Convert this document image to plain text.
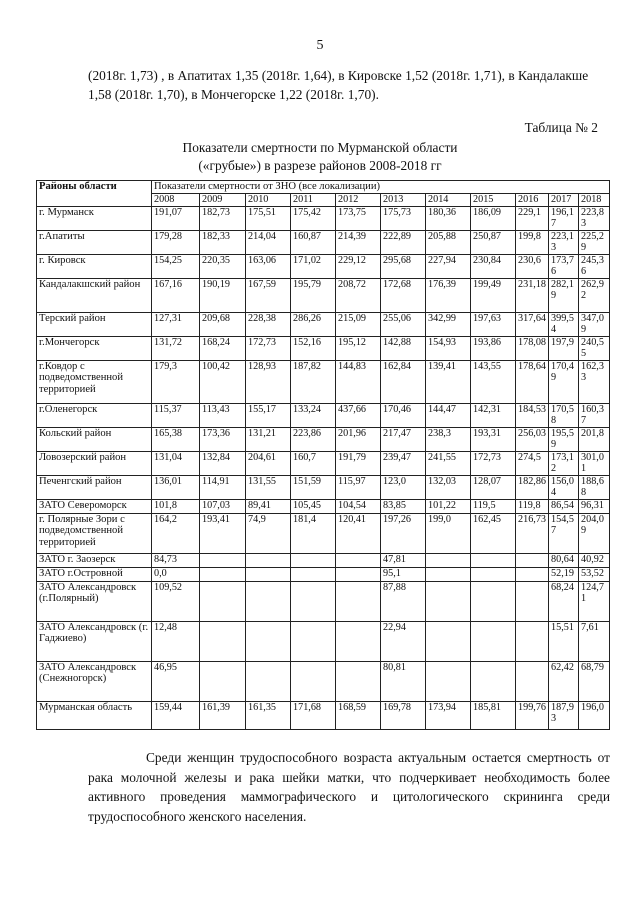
5

(2018г. 1,73) , в Апатитах 1,35 (2018г. 1,64), в Кировске 1,52 (2018г. 1,71), в Кандалакше 1,58 (2018г. 1,70), в Мончегорске 1,22 (2018г. 1,70).

Таблица № 2
Показатели смертности по Мурманской области
(«грубые») в разрезе районов 2008-2018 гг
Районы области	Показатели смертности от ЗНО (все локализации)										
	2008	2009	2010	2011	2012	2013	2014	2015	2016	2017	2018
г. Мурманск	191,07	182,73	175,51	175,42	173,75	175,73	180,36	186,09	229,1	196,17	223,83
г.Апатиты	179,28	182,33	214,04	160,87	214,39	222,89	205,88	250,87	199,8	223,13	225,29
г. Кировск	154,25	220,35	163,06	171,02	229,12	295,68	227,94	230,84	230,6	173,76	245,36
Кандалакшский район	167,16	190,19	167,59	195,79	208,72	172,68	176,39	199,49	231,18	282,19	262,92
Терский район	127,31	209,68	228,38	286,26	215,09	255,06	342,99	197,63	317,64	399,54	347,09
г.Мончегорск	131,72	168,24	172,73	152,16	195,12	142,88	154,93	193,86	178,08	197,9	240,55
г.Ковдор с подведомственной территорией	179,3	100,42	128,93	187,82	144,83	162,84	139,41	143,55	178,64	170,49	162,33
г.Оленегорск	115,37	113,43	155,17	133,24	437,66	170,46	144,47	142,31	184,53	170,58	160,37
Кольский район	165,38	173,36	131,21	223,86	201,96	217,47	238,3	193,31	256,03	195,59	201,8
Ловозерский район	131,04	132,84	204,61	160,7	191,79	239,47	241,55	172,73	274,5	173,12	301,01
Печенгский район	136,01	114,91	131,55	151,59	115,97	123,0	132,03	128,07	182,86	156,04	188,68
ЗАТО Североморск	101,8	107,03	89,41	105,45	104,54	83,85	101,22	119,5	119,8	86,54	96,31
г. Полярные Зори с подведомственной территорией	164,2	193,41	74,9	181,4	120,41	197,26	199,0	162,45	216,73	154,57	204,09
ЗАТО г. Заозерск	84,73					47,81				80,64	40,92
ЗАТО г.Островной	0,0					95,1				52,19	53,52
ЗАТО Александровск (г.Полярный)	109,52					87,88				68,24	124,71
ЗАТО Александровск (г. Гаджиево)	12,48					22,94				15,51	7,61
ЗАТО Александровск (Снежногорск)	46,95					80,81				62,42	68,79
Мурманская область	159,44	161,39	161,35	171,68	168,59	169,78	173,94	185,81	199,76	187,93	196,0

Среди женщин трудоспособного возраста актуальным остается смертность от рака молочной железы и рака шейки матки, что подчеркивает необходимость более активного проведения маммографического и цитологического скрининга среди трудоспособного женского населения.
